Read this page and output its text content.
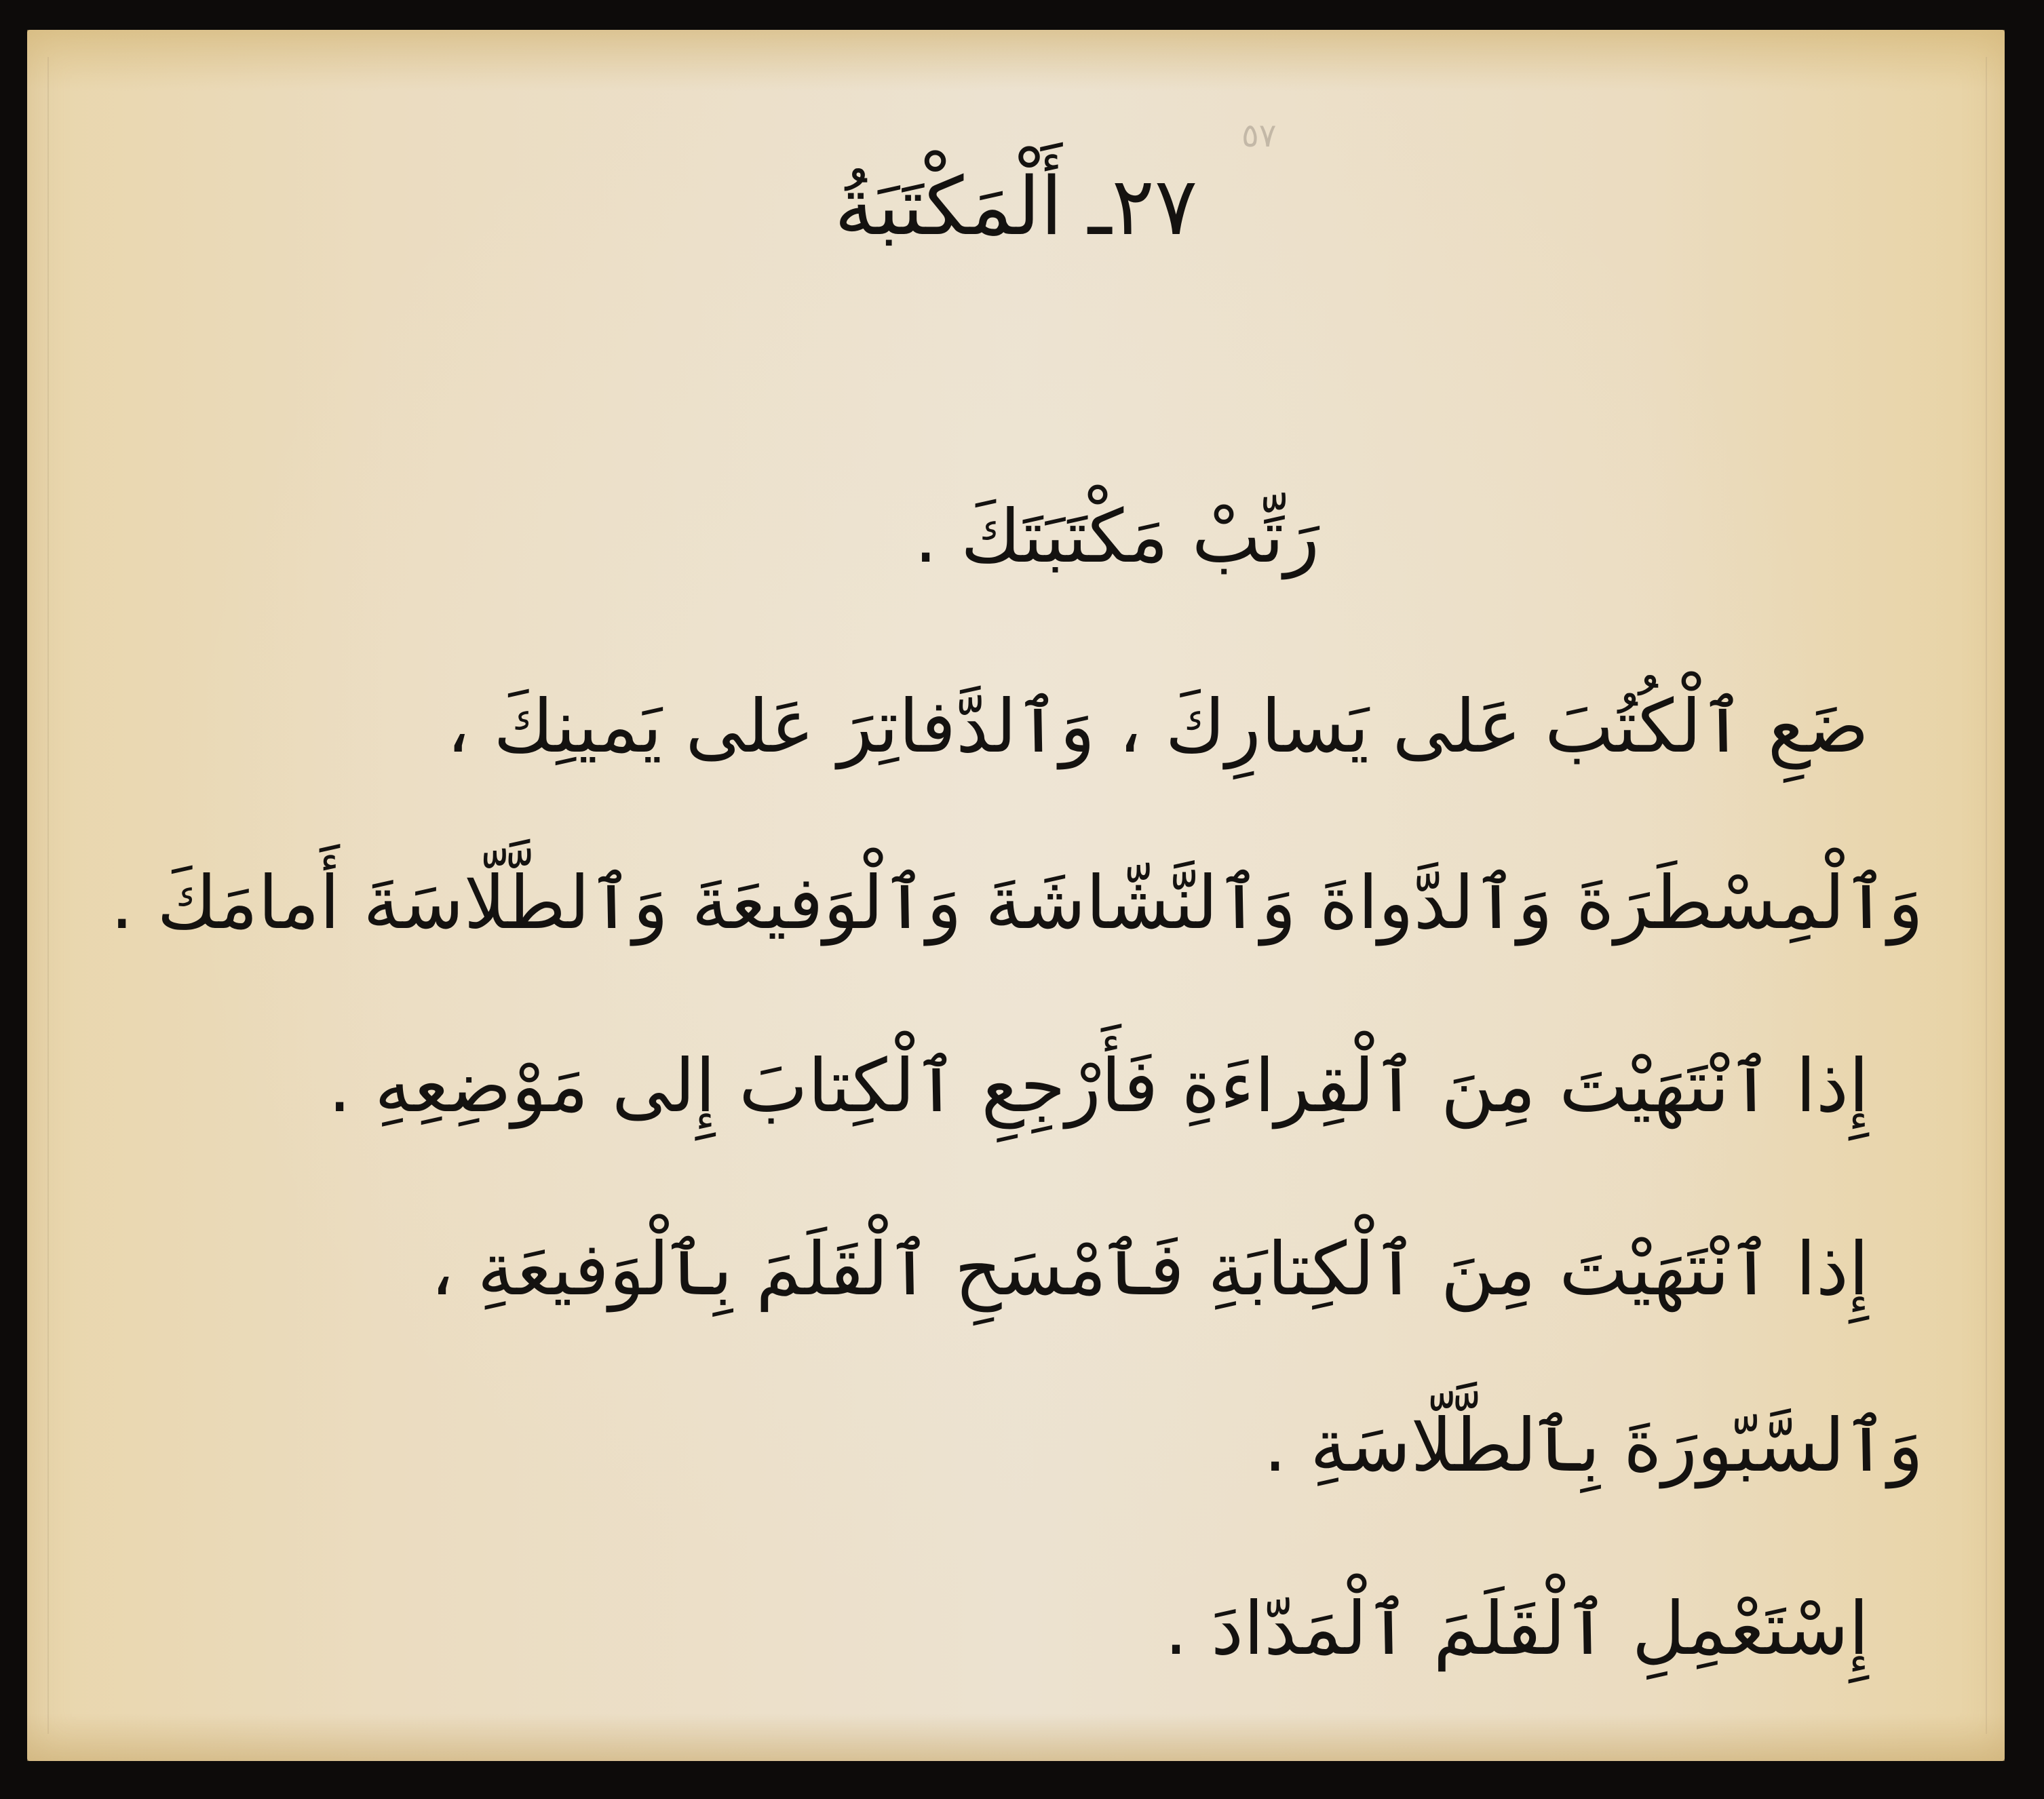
٥٧
٢٧ـ أَلْمَكْتَبَةُ
رَتِّبْ مَكْتَبَتَكَ .
ضَعِ ٱلْكُتُبَ عَلى يَسارِكَ ، وَٱلدَّفاتِرَ عَلى يَمينِكَ ،
وَٱلْمِسْطَرَةَ وَٱلدَّواةَ وَٱلنَّشّاشَةَ وَٱلْوَفيعَةَ وَٱلطَّلّاسَةَ أَمامَكَ .
إِذا ٱنْتَهَيْتَ مِنَ ٱلْقِراءَةِ فَأَرْجِعِ ٱلْكِتابَ إِلى مَوْضِعِهِ .
إِذا ٱنْتَهَيْتَ مِنَ ٱلْكِتابَةِ فَٱمْسَحِ ٱلْقَلَمَ بِٱلْوَفيعَةِ ،
وَٱلسَّبّورَةَ بِٱلطَّلّاسَةِ .
إِسْتَعْمِلِ ٱلْقَلَمَ ٱلْمَدّادَ .
